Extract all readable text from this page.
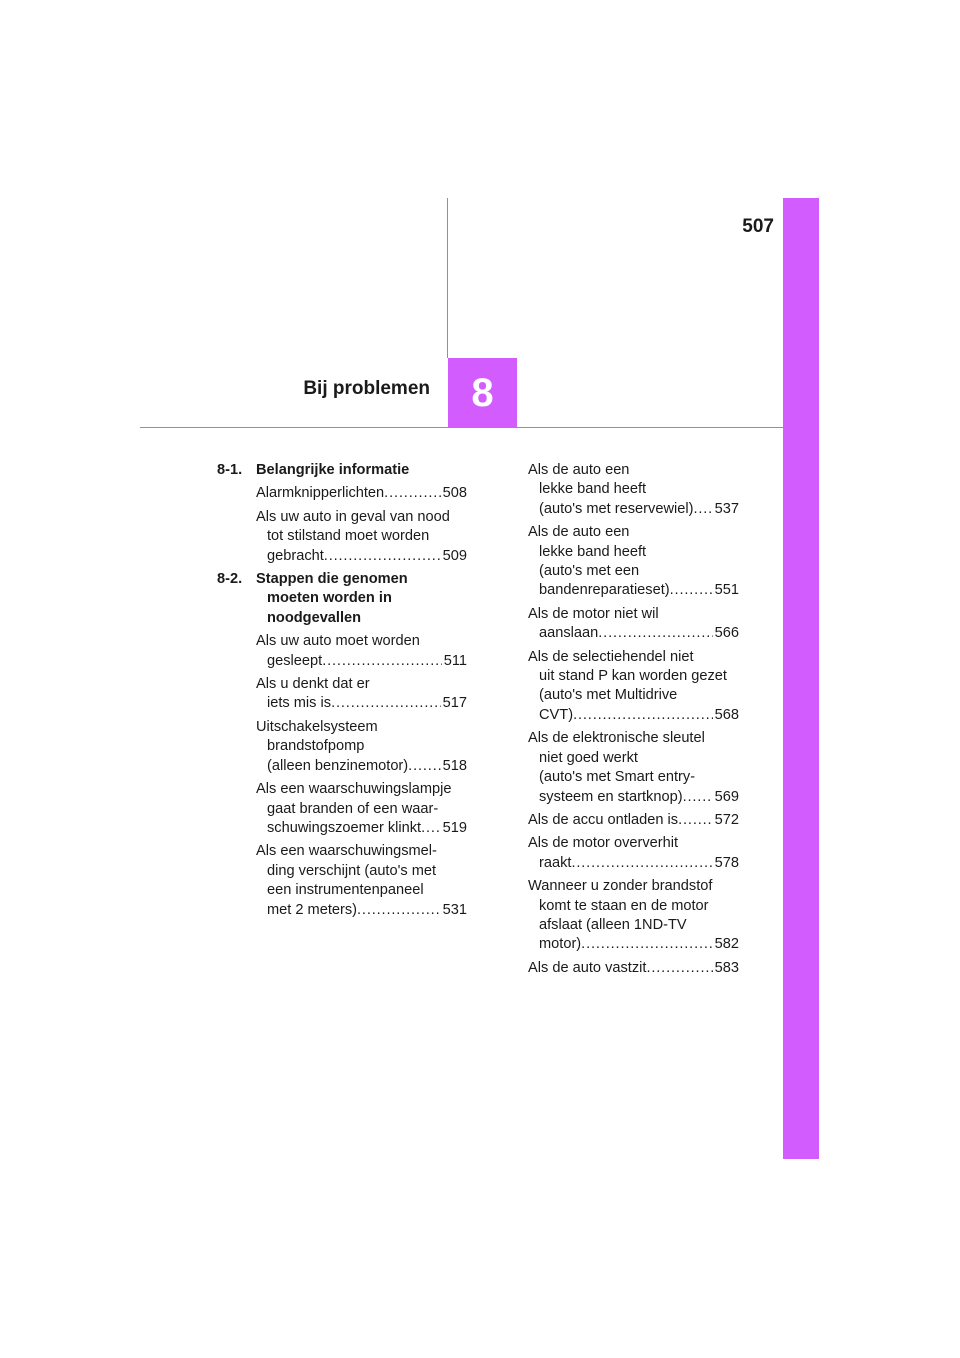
507
Bij problemen 8
8-1. Belangrijke informatie
Alarmknipperlichten . . .	508
Als uw auto in geval van nood
tot stilstand moet worden
gebracht . . .	509
8-2. Stappen die genomen
moeten worden in
noodgevallen
Als uw auto moet worden
gesleept . . .	511
Als u denkt dat er
iets mis is . . .	517
Uitschakelsysteem
brandstofpomp
(alleen benzinemotor) . . . 518
Als een waarschuwingslampje
gaat branden of een waar-
schuwingszoemer klinkt . . . 519
Als een waarschuwingsmel-
ding verschijnt (auto's met
een instrumentenpaneel
met 2 meters) . . .	531
Als de auto een
lekke band heeft
(auto's met reservewiel) . . . 537
Als de auto een
lekke band heeft
(auto's met een
bandenreparatieset) . . .	551
Als de motor niet wil
aanslaan . . .	566
Als de selectiehendel niet
uit stand P kan worden gezet
(auto's met Multidrive
CVT) . . .	568
Als de elektronische sleutel
niet goed werkt
(auto's met Smart entry-
systeem en startknop) . . . 569
Als de accu ontladen is . . .	572
Als de motor oververhit
raakt . . .	578
Wanneer u zonder brandstof
komt te staan en de motor
afslaat (alleen 1ND-TV
motor) . . .	582
Als de auto vastzit . . .	583
